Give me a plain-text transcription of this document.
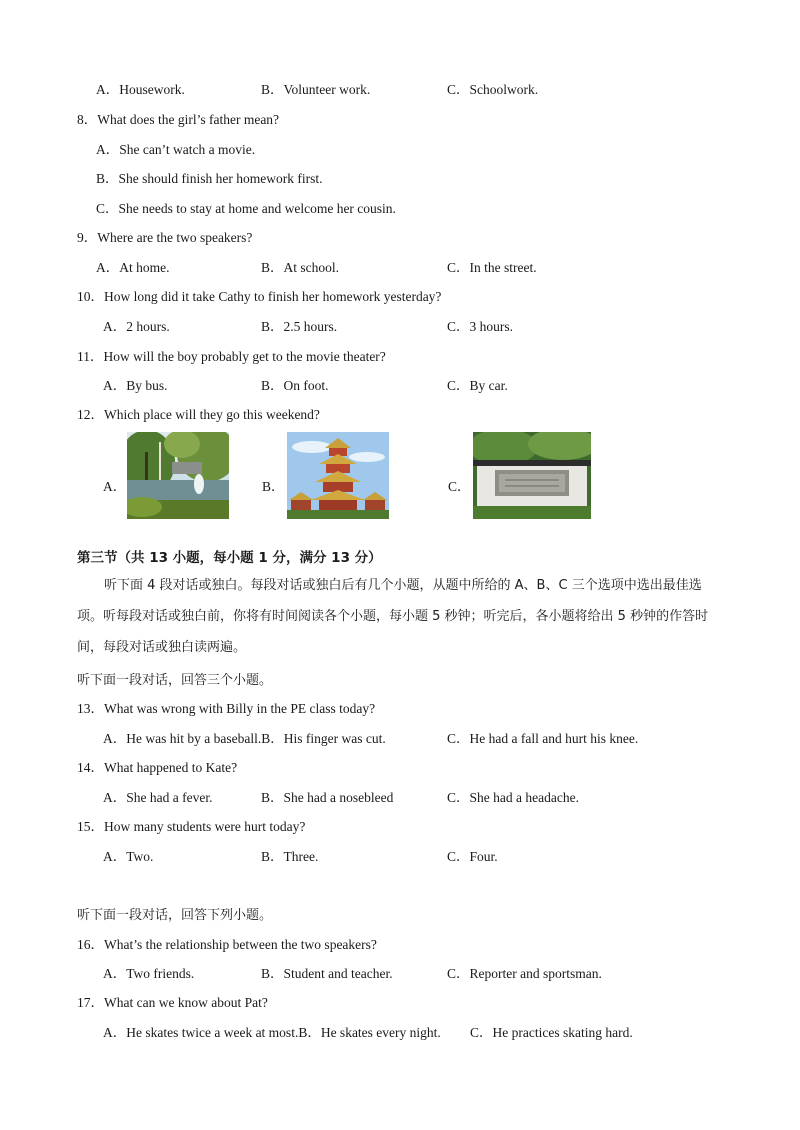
A．Housework.	B．Volunteer work.	C．Schoolwork.
8．What does the girl’s father mean?
A．She can’t watch a movie.
B．She should finish her homework first.
C．She needs to stay at home and welcome her cousin.
9．Where are the two speakers?
A．At home.	B．At school.	C．In the street.
10．How long did it take Cathy to finish her homework yesterday?
A．2 hours.	B．2.5 hours.	C．3 hours.
11．How will the boy probably get to the movie theater?
A．By bus.	B．On foot.	C．By car.
12．Which place will they go this weekend?
A．	B．	C．
第三节（共 13 小题，每小题 1 分，满分 13 分）
听下面 4 段对话或独白。每段对话或独白后有几个小题，从题中所给的 A、B、C 三个选项中选出最佳选项。听每段对话或独白前，你将有时间阅读各个小题，每小题 5 秒钟；听完后，各小题将给出 5 秒钟的作答时间，每段对话或独白读两遍。
听下面一段对话，回答三个小题。
13．What was wrong with Billy in the PE class today?
A．He was hit by a baseball.B．His finger was cut.	C．He had a fall and hurt his knee.
14．What happened to Kate?
A．She had a fever.	B．She had a nosebleed	C．She had a headache.
15．How many students were hurt today?
A．Two.	B．Three.	C．Four.
听下面一段对话，回答下列小题。
16．What’s the relationship between the two speakers?
A．Two friends.	B．Student and teacher.	C．Reporter and sportsman.
17．What can we know about Pat?
A．He skates twice a week at most.B．He skates every night. C．He practices skating hard.
